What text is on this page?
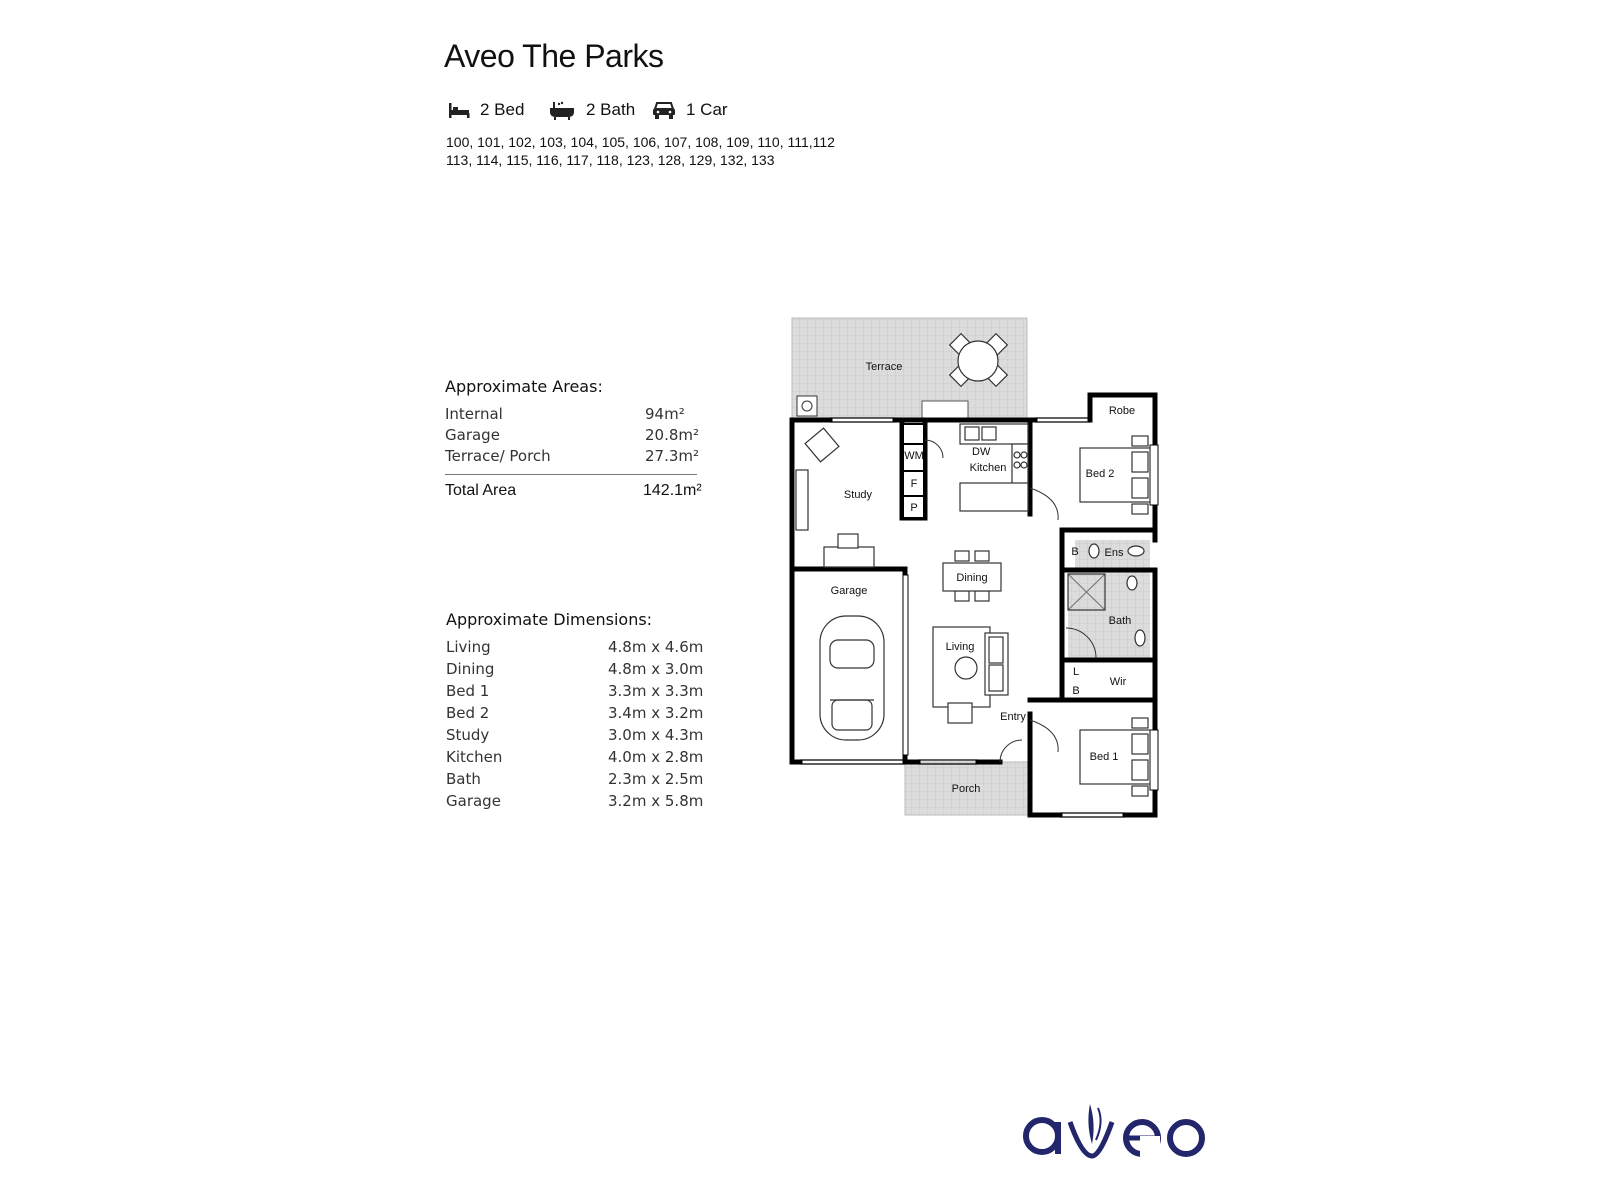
Aveo The Parks
2 Bed	2 Bath	1 Car
100, 101, 102, 103, 104, 105, 106, 107, 108, 109, 110, 111,112
113, 114, 115, 116, 117, 118, 123, 128, 129, 132, 133
Approximate Areas:
Internal	94m²
Garage	20.8m²
Terrace/ Porch	27.3m²
Total Area	142.1m²
Approximate Dimensions:
Living	4.8m x 4.6m
Dining	4.8m x 3.0m
Bed 1	3.3m x 3.3m
Bed 2	3.4m x 3.2m
Study	3.0m x 4.3m
Kitchen	4.0m x 2.8m
Bath	2.3m x 2.5m
Garage	3.2m x 5.8m
Terrace
Study
WM
F
P
DW
Kitchen
Robe
Bed 2
B Ens
Dining
Garage
Bath
Living
L
B
Wir
Entry
Bed 1
Porch
